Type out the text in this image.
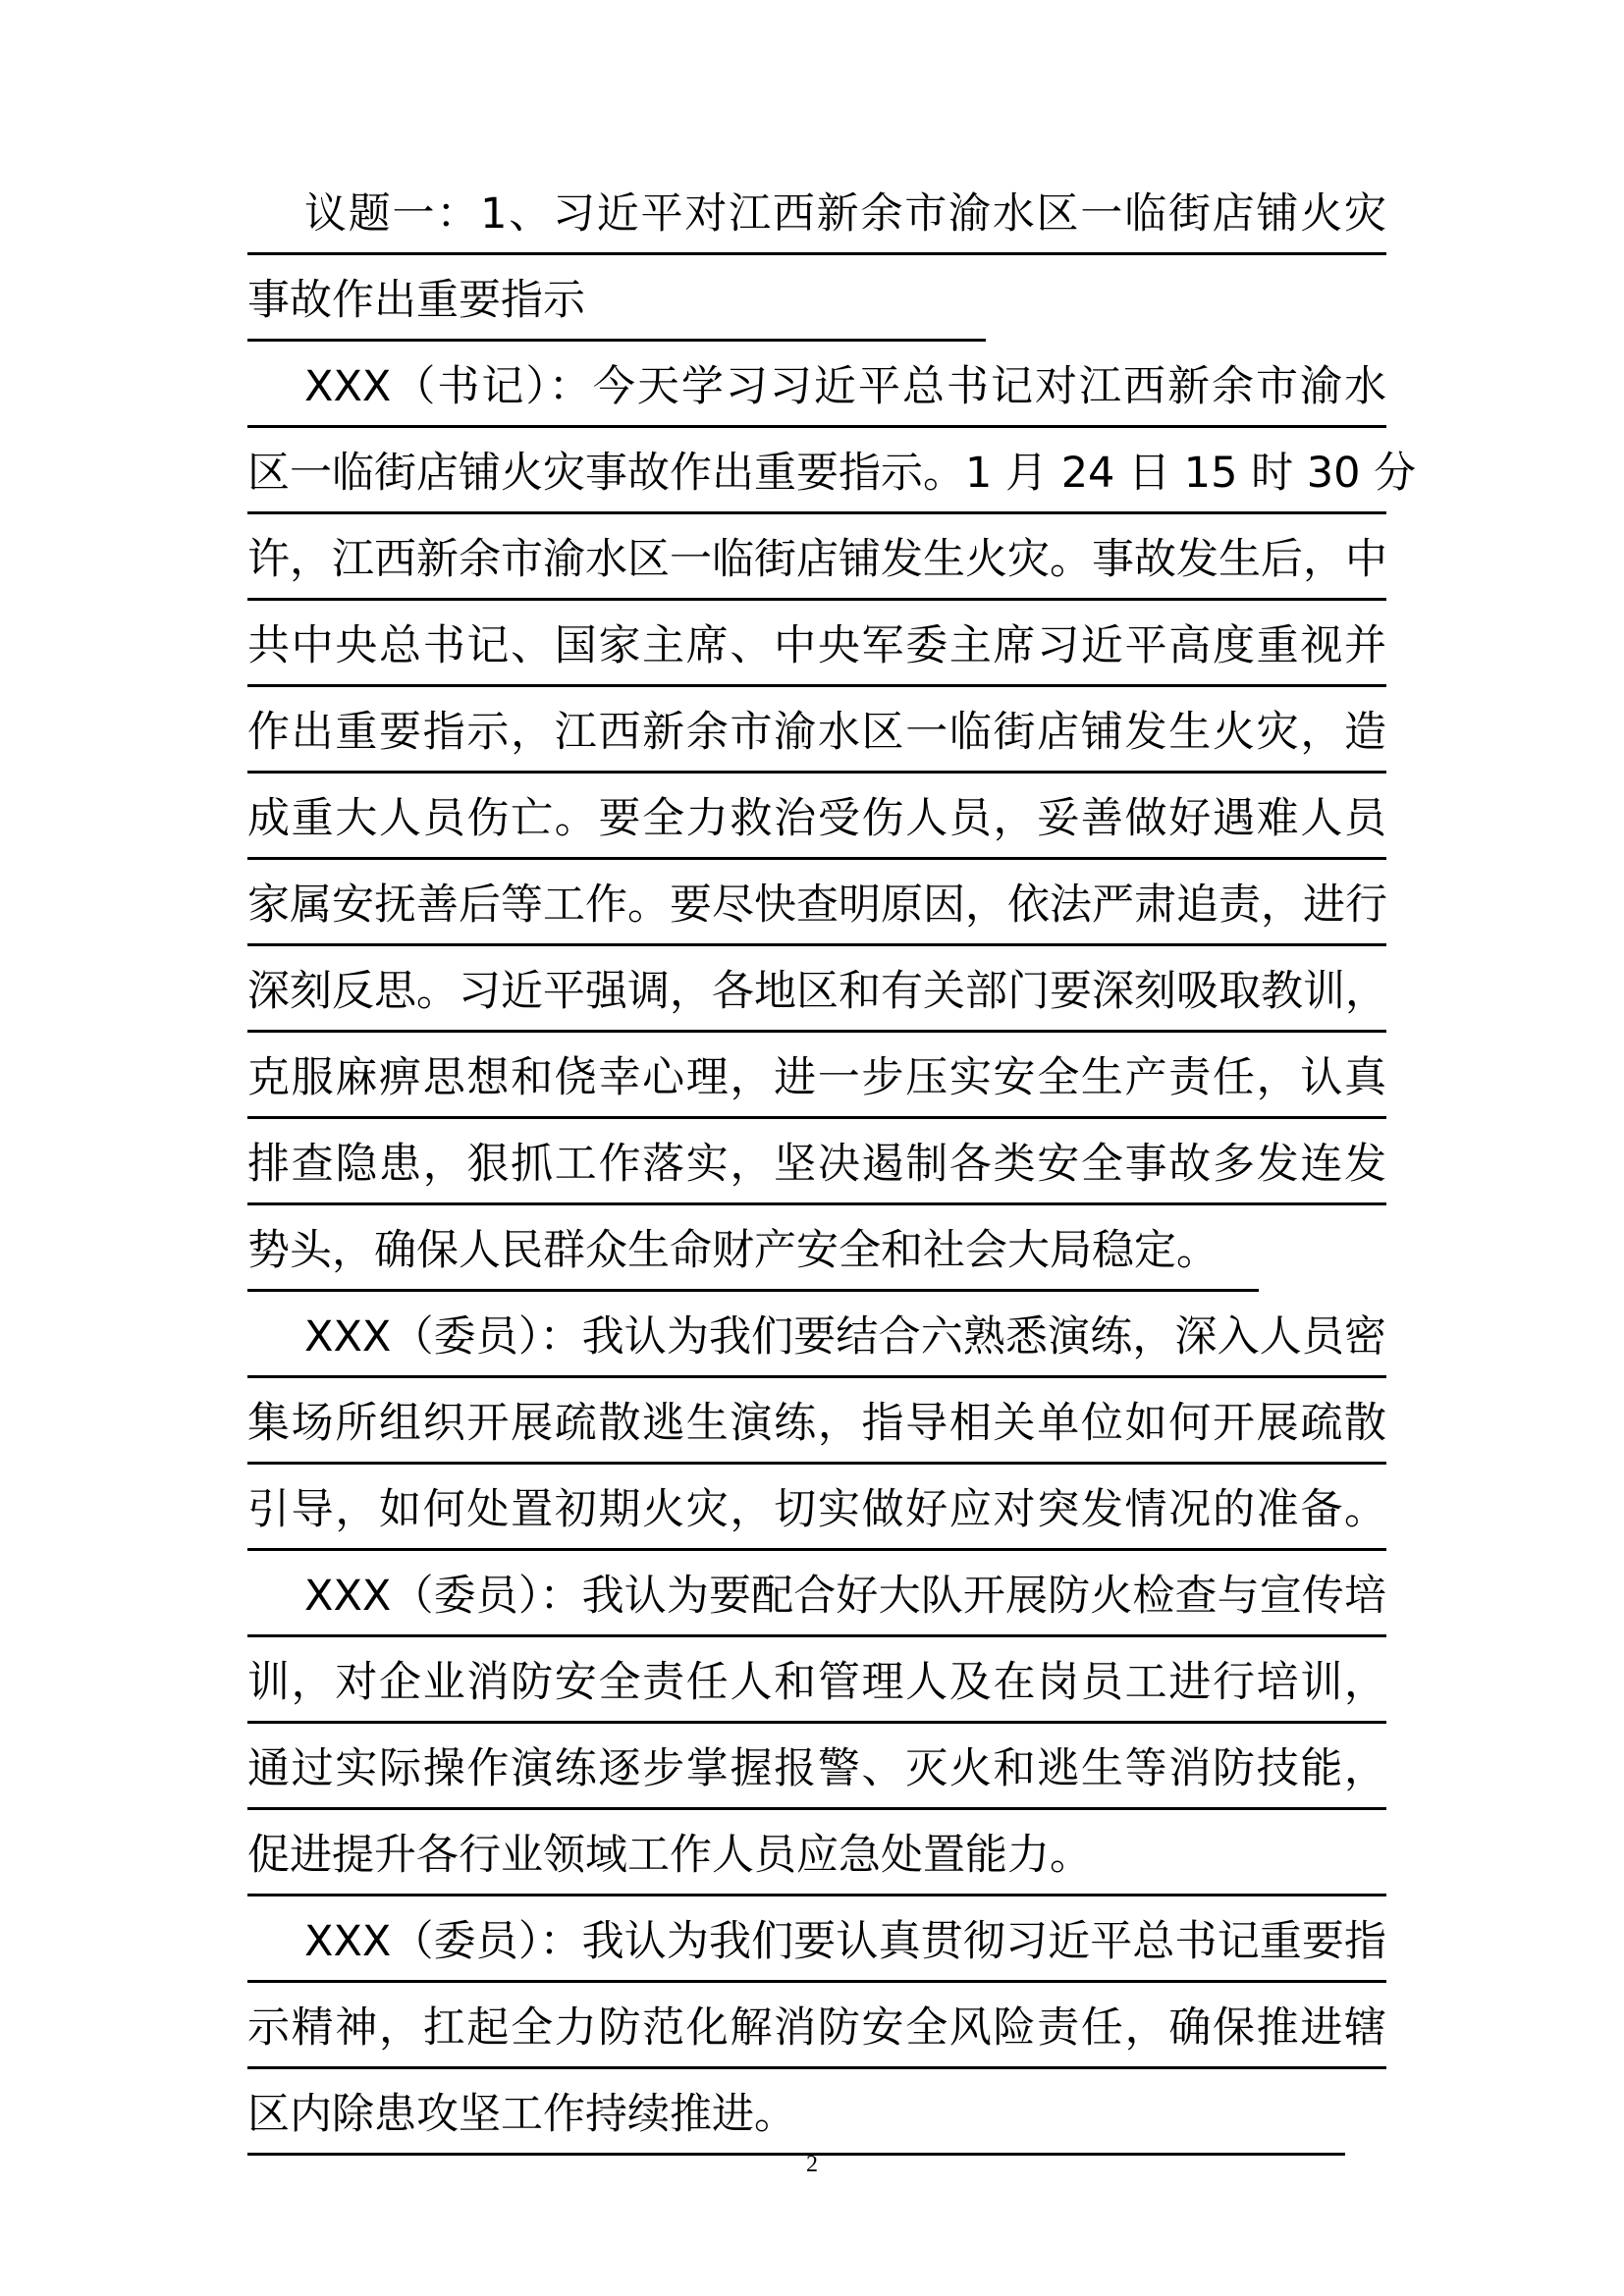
议题一：1、习近平对江西新余市渝水区一临街店铺火灾
事故作出重要指示
XXX（书记）：今天学习习近平总书记对江西新余市渝水
区一临街店铺火灾事故作出重要指示。1 月 24 日 15 时 30 分
许，江西新余市渝水区一临街店铺发生火灾。事故发生后，中
共中央总书记、国家主席、中央军委主席习近平高度重视并
作出重要指示，江西新余市渝水区一临街店铺发生火灾，造
成重大人员伤亡。要全力救治受伤人员，妥善做好遇难人员
家属安抚善后等工作。要尽快查明原因，依法严肃追责，进行
深刻反思。习近平强调，各地区和有关部门要深刻吸取教训，
克服麻痹思想和侥幸心理，进一步压实安全生产责任，认真
排查隐患，狠抓工作落实，坚决遏制各类安全事故多发连发
势头，确保人民群众生命财产安全和社会大局稳定。
XXX（委员）：我认为我们要结合六熟悉演练，深入人员密
集场所组织开展疏散逃生演练，指导相关单位如何开展疏散
引导，如何处置初期火灾，切实做好应对突发情况的准备。
XXX（委员）：我认为要配合好大队开展防火检查与宣传培
训，对企业消防安全责任人和管理人及在岗员工进行培训，
通过实际操作演练逐步掌握报警、灭火和逃生等消防技能，
促进提升各行业领域工作人员应急处置能力。
XXX（委员）：我认为我们要认真贯彻习近平总书记重要指
示精神，扛起全力防范化解消防安全风险责任，确保推进辖
区内除患攻坚工作持续推进。
2
